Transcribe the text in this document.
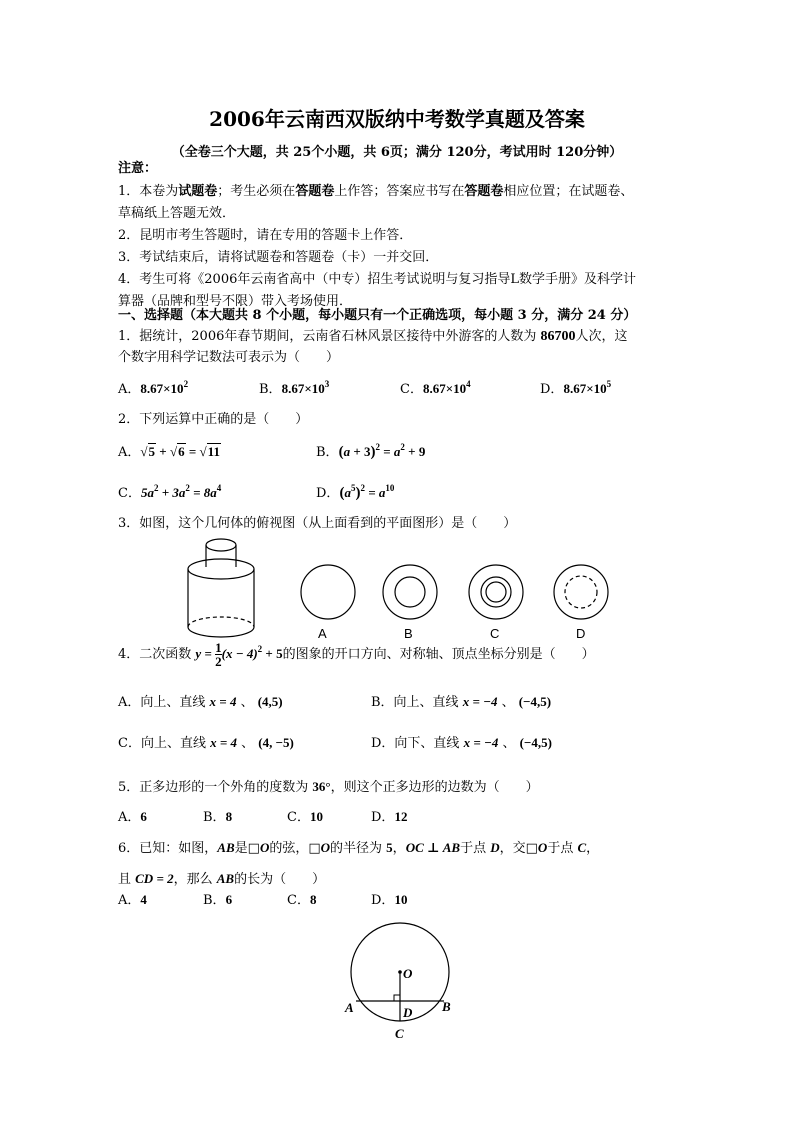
2006年云南西双版纳中考数学真题及答案
（全卷三个大题，共 25个小题，共 6页；满分 120分，考试用时 120分钟）
注意：
1．本卷为试题卷；考生必须在答题卷上作答；答案应书写在答题卷相应位置；在试题卷、
草稿纸上答题无效．
2．昆明市考生答题时，请在专用的答题卡上作答．
3．考试结束后，请将试题卷和答题卷（卡）一并交回．
4．考生可将《2006年云南省高中（中专）招生考试说明与复习指导L数学手册》及科学计
算器（品牌和型号不限）带入考场使用．
一、选择题（本大题共 8 个小题，每小题只有一个正确选项，每小题 3 分，满分 24 分）
1．据统计，2006年春节期间，云南省石林风景区接待中外游客的人数为 86700人次，这
个数字用科学记数法可表示为（　　）
A．$8.67\times 10^2$	B．$8.67\times 10^3$	C．$8.67\times 10^4$	D．$8.67\times 10^5$
2．下列运算中正确的是（　　）
A．√5 + √6 = √11	B．$(a + 3)^2 = a^2 + 9$
C．$5a^2 + 3a^2 = 8a^4$	D．$(a^5)^2 = a^{10}$
3．如图，这个几何体的俯视图（从上面看到的平面图形）是（　　）
A	B	C	D
4．二次函数 $y = \frac{1}{2} (x - 4)^2 + 5$的图象的开口方向、对称轴、顶点坐标分别是（　　）
A．向上、直线 x = 4 、 (4,5)	B．向上、直线 x = −4 、 (−4,5)
C．向上、直线 x = 4 、 (4, −5)	D．向下、直线 x = −4 、 (−4,5)
5．正多边形的一个外角的度数为 36°，则这个正多边形的边数为（　　）
A．6	B．8	C．10	D．12
6．已知：如图，AB是□O的弦，□O的半径为 5，OC ⊥ AB于点 D，交□O于点 C，
且 CD = 2，那么 AB的长为（　　）
A．4	B．6	C．8	D．10
O
A	B
D
C
